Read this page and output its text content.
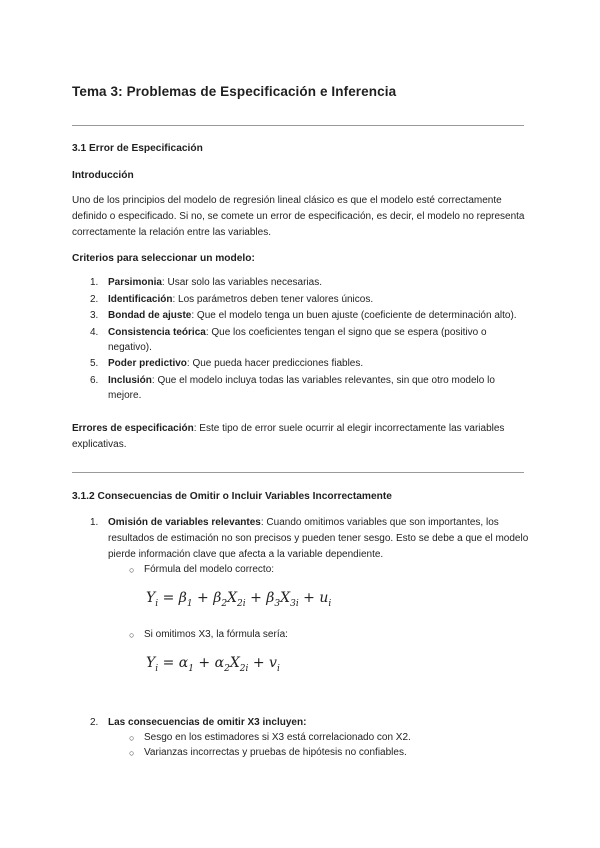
Tema 3: Problemas de Especificación e Inferencia
3.1 Error de Especificación
Introducción
Uno de los principios del modelo de regresión lineal clásico es que el modelo esté correctamente definido o especificado. Si no, se comete un error de especificación, es decir, el modelo no representa correctamente la relación entre las variables.
Criterios para seleccionar un modelo:
1. Parsimonia: Usar solo las variables necesarias.
2. Identificación: Los parámetros deben tener valores únicos.
3. Bondad de ajuste: Que el modelo tenga un buen ajuste (coeficiente de determinación alto).
4. Consistencia teórica: Que los coeficientes tengan el signo que se espera (positivo o negativo).
5. Poder predictivo: Que pueda hacer predicciones fiables.
6. Inclusión: Que el modelo incluya todas las variables relevantes, sin que otro modelo lo mejore.
Errores de especificación: Este tipo de error suele ocurrir al elegir incorrectamente las variables explicativas.
3.1.2 Consecuencias de Omitir o Incluir Variables Incorrectamente
1. Omisión de variables relevantes: Cuando omitimos variables que son importantes, los resultados de estimación no son precisos y pueden tener sesgo. Esto se debe a que el modelo pierde información clave que afecta a la variable dependiente.
○ Fórmula del modelo correcto:
$Y_i = \beta_1 + \beta_2X_{2i} + \beta_3X_{3i} + u_i$
○ Si omitimos X3, la fórmula sería:
$Y_i = \alpha_1 + \alpha_2X_{2i} + v_i$
2. Las consecuencias de omitir X3 incluyen:
○ Sesgo en los estimadores si X3 está correlacionado con X2.
○ Varianzas incorrectas y pruebas de hipótesis no confiables.
